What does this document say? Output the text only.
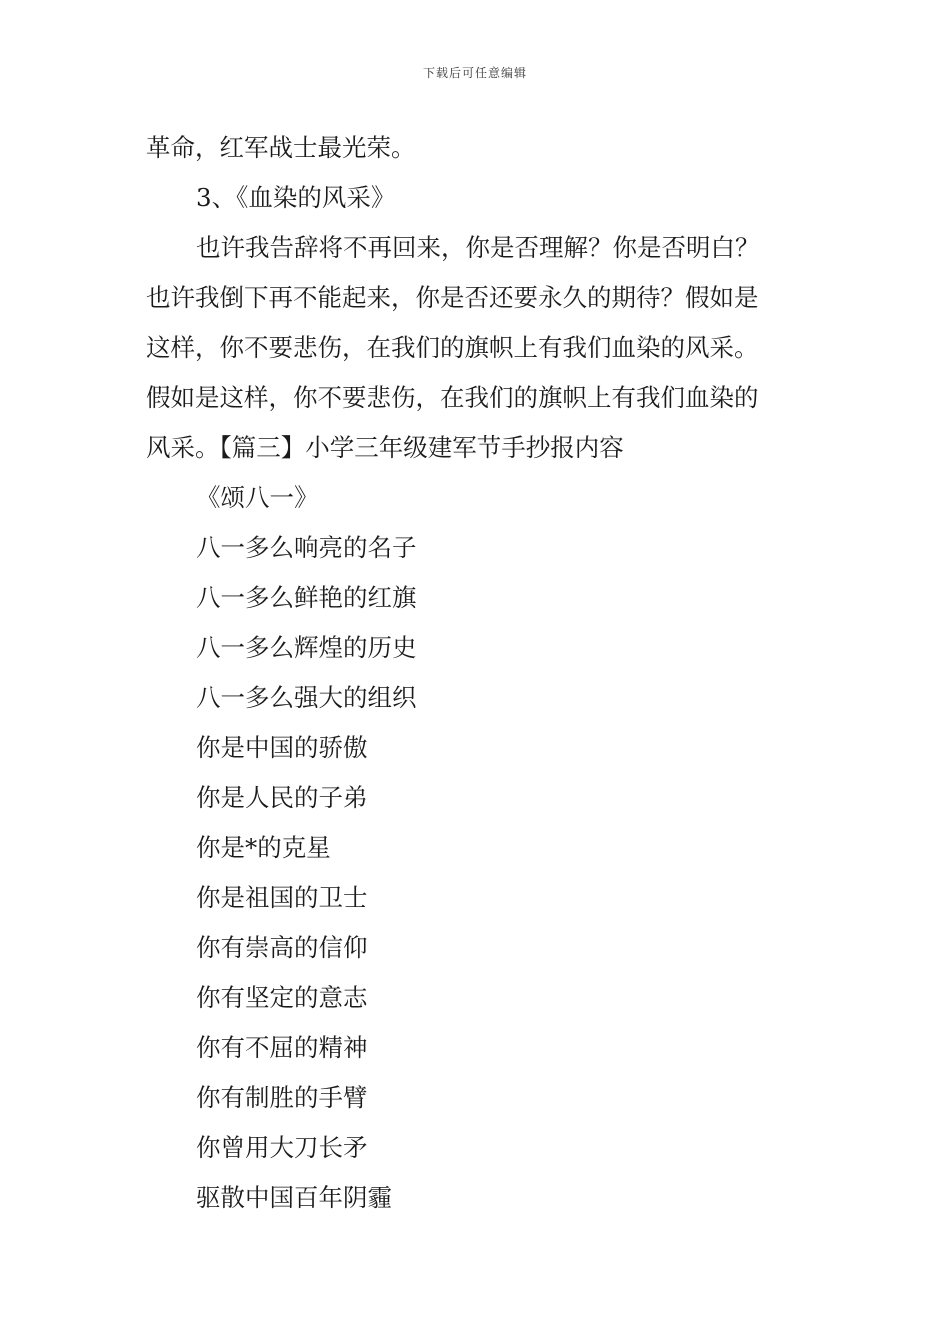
下载后可任意编辑
革命，红军战士最光荣。
3、《血染的风采》
也许我告辞将不再回来，你是否理解？你是否明白？
也许我倒下再不能起来，你是否还要永久的期待？假如是
这样，你不要悲伤，在我们的旗帜上有我们血染的风采。
假如是这样，你不要悲伤，在我们的旗帜上有我们血染的
风采。【篇三】小学三年级建军节手抄报内容
《颂八一》
八一多么响亮的名子
八一多么鲜艳的红旗
八一多么辉煌的历史
八一多么强大的组织
你是中国的骄傲
你是人民的子弟
你是*的克星
你是祖国的卫士
你有崇高的信仰
你有坚定的意志
你有不屈的精神
你有制胜的手臂
你曾用大刀长矛
驱散中国百年阴霾
